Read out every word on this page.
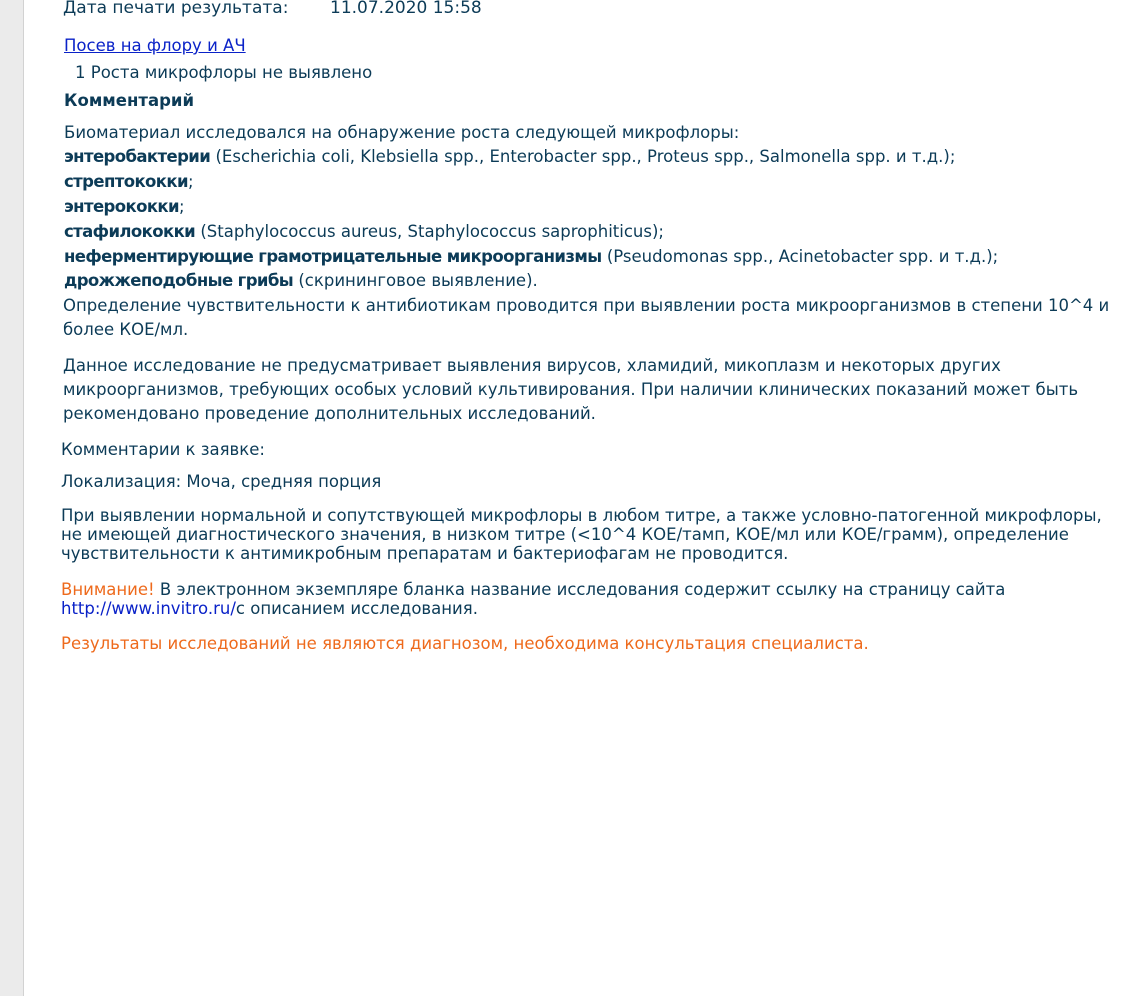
Дата печати результата: 11.07.2020 15:58
Посев на флору и АЧ
1 Роста микрофлоры не выявлено
Комментарий
Биоматериал исследовался на обнаружение роста следующей микрофлоры:
энтеробактерии (Escherichia coli, Klebsiella spp., Enterobacter spp., Proteus spp., Salmonella spp. и т.д.);
стрептококки;
энтерококки;
стафилококки (Staphylococcus aureus, Staphylococcus saprophiticus);
неферментирующие грамотрицательные микроорганизмы (Pseudomonas spp., Acinetobacter spp. и т.д.);
дрожжеподобные грибы (скрининговое выявление).
Определение чувствительности к антибиотикам проводится при выявлении роста микроорганизмов в степени 10^4 и
более КОЕ/мл.
Данное исследование не предусматривает выявления вирусов, хламидий, микоплазм и некоторых других
микроорганизмов, требующих особых условий культивирования. При наличии клинических показаний может быть
рекомендовано проведение дополнительных исследований.
Комментарии к заявке:
Локализация: Моча, средняя порция
При выявлении нормальной и сопутствующей микрофлоры в любом титре, а также условно-патогенной микрофлоры,
не имеющей диагностического значения, в низком титре (<10^4 КОЕ/тамп, КОЕ/мл или КОЕ/грамм), определение
чувствительности к антимикробным препаратам и бактериофагам не проводится.
Внимание! В электронном экземпляре бланка название исследования содержит ссылку на страницу сайта
http://www.invitro.ru/с описанием исследования.
Результаты исследований не являются диагнозом, необходима консультация специалиста.
